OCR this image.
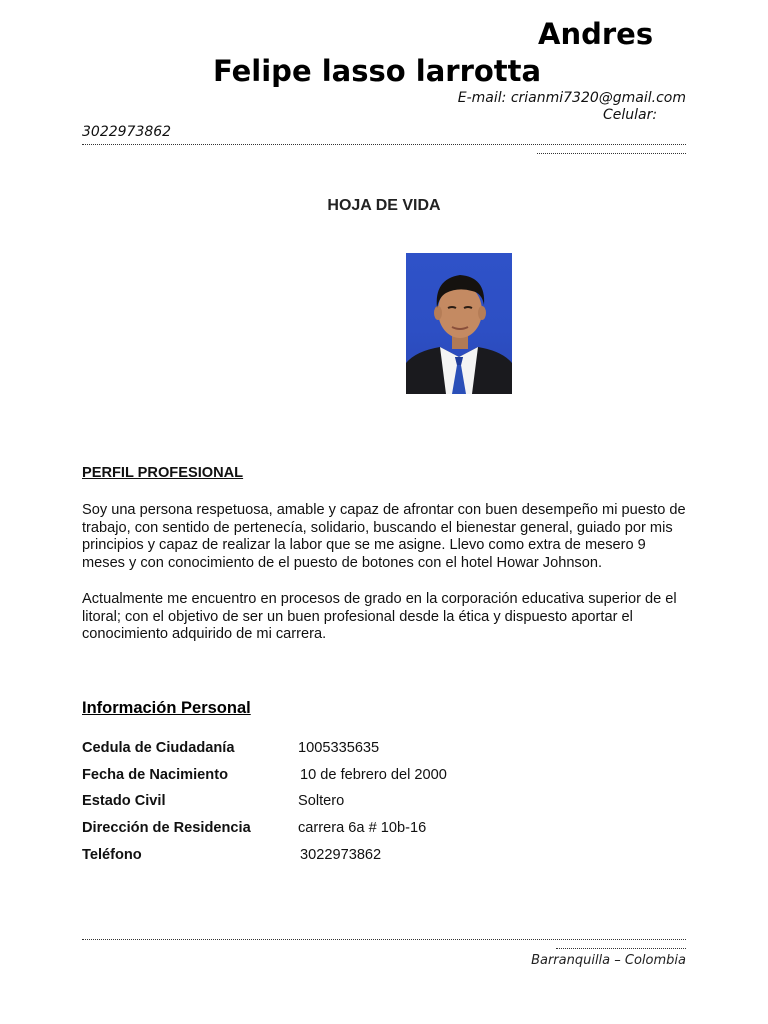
Andres
Felipe lasso larrotta
E-mail: crianmi7320@gmail.com
Celular:
3022973862
HOJA DE VIDA
PERFIL PROFESIONAL
Soy una persona respetuosa, amable y capaz de afrontar con buen desempeño mi puesto de trabajo, con sentido de pertenecía, solidario, buscando el bienestar general, guiado por mis principios y capaz de realizar la labor que se me asigne. Llevo como extra de mesero 9 meses y con conocimiento de el puesto de botones con el hotel Howar Johnson.
Actualmente me encuentro en procesos de grado en la corporación educativa superior de el litoral; con el objetivo de ser un buen profesional desde la ética y dispuesto aportar el conocimiento adquirido de mi carrera.
Información Personal
Cedula de Ciudadanía	1005335635
Fecha de Nacimiento	10 de febrero del 2000
Estado Civil	Soltero
Dirección de Residencia	carrera 6a # 10b-16
Teléfono	3022973862
Barranquilla – Colombia
